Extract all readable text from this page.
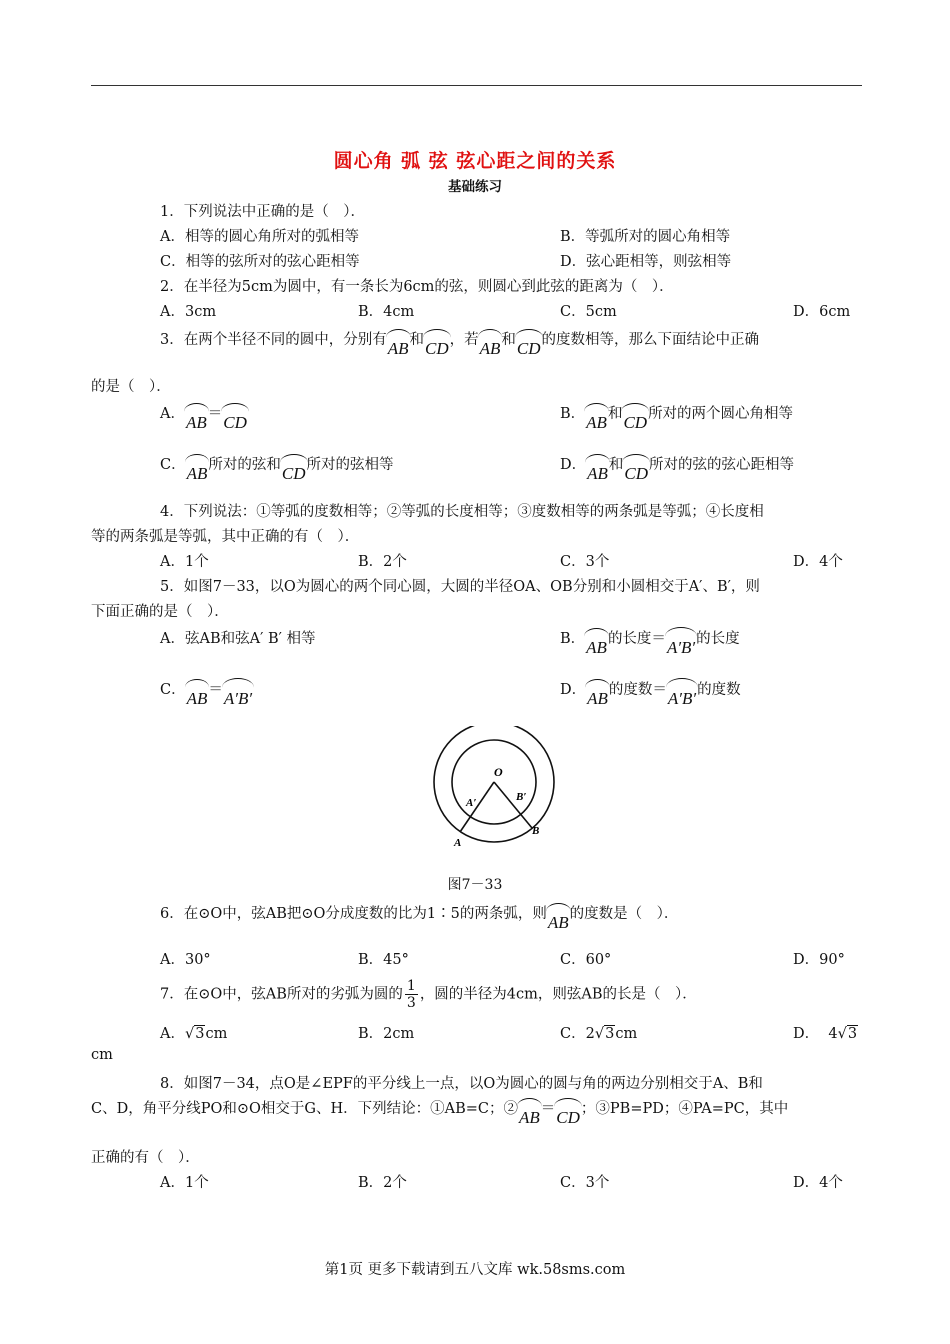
圆心角 弧 弦 弦心距之间的关系
基础练习
1．下列说法中正确的是（　）．
A．相等的圆心角所对的弧相等	B．等弧所对的圆心角相等
C．相等的弦所对的弦心距相等	D．弦心距相等，则弦相等
2．在半径为5cm为圆中，有一条长为6cm的弦，则圆心到此弦的距离为（　）．
A．3cm	B．4cm	C．5cm	D．6cm
3．在两个半径不同的圆中，分别有AB和CD，若AB和CD的度数相等，那么下面结论中正确
的是（　）．
A．AB＝CD	B．AB和CD所对的两个圆心角相等
C．AB所对的弦和CD所对的弦相等	D．AB和CD所对的弦的弦心距相等
4．下列说法：①等弧的度数相等；②等弧的长度相等；③度数相等的两条弧是等弧；④长度相
等的两条弧是等弧，其中正确的有（　）．
A．1个	B．2个	C．3个	D．4个
5．如图7－33，以O为圆心的两个同心圆，大圆的半径OA、OB分别和小圆相交于A′、B′，则
下面正确的是（　）．
A．弦AB和弦A′ B′ 相等	B．AB的长度＝A′B′的长度
C．AB＝A′B′	D．AB的度数＝A′B′的度数
O
A′	B′
A
B
图7－33
6．在⊙O中，弦AB把⊙O分成度数的比为1∶5的两条弧，则AB的度数是（　）．
A．30°	B．45°	C．60°	D．90°
7．在⊙O中，弦AB所对的劣弧为圆的 $\frac{1}{3}$ ，圆的半径为4cm，则弦AB的长是（　）．
A．√3cm	B．2cm	C．2√3cm	D． 4√3
cm
8．如图7－34，点O是∠EPF的平分线上一点，以O为圆心的圆与角的两边分别相交于A、B和
C、D，角平分线PO和⊙O相交于G、H．下列结论：①AB=C；②AB＝CD；③PB=PD；④PA=PC，其中
正确的有（　）．
A．1个	B．2个	C．3个	D．4个
第1页 更多下载请到五八文库 wk.58sms.com
